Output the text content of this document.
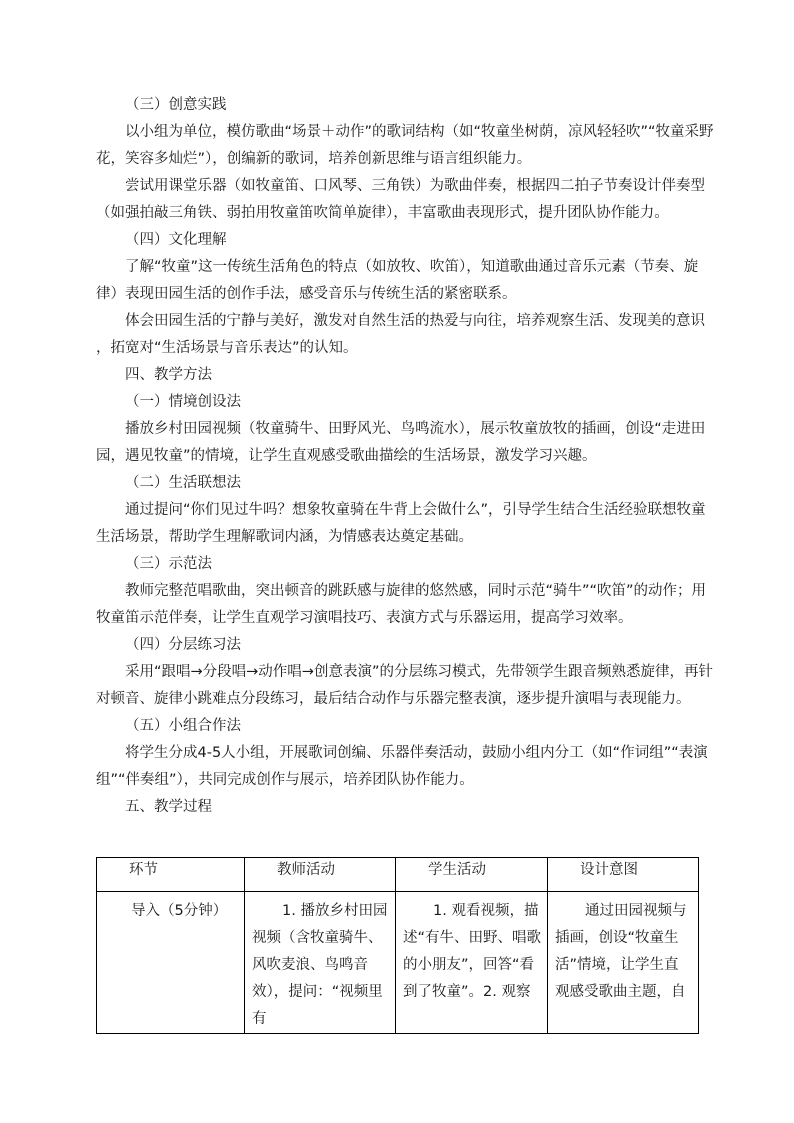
（三）创意实践
以小组为单位，模仿歌曲“场景＋动作”的歌词结构（如“牧童坐树荫，凉风轻轻吹”“牧童采野
花，笑容多灿烂”），创编新的歌词，培养创新思维与语言组织能力。
尝试用课堂乐器（如牧童笛、口风琴、三角铁）为歌曲伴奏，根据四二拍子节奏设计伴奏型
（如强拍敲三角铁、弱拍用牧童笛吹简单旋律），丰富歌曲表现形式，提升团队协作能力。
（四）文化理解
了解“牧童”这一传统生活角色的特点（如放牧、吹笛），知道歌曲通过音乐元素（节奏、旋
律）表现田园生活的创作手法，感受音乐与传统生活的紧密联系。
体会田园生活的宁静与美好，激发对自然生活的热爱与向往，培养观察生活、发现美的意识
，拓宽对“生活场景与音乐表达”的认知。
四、教学方法
（一）情境创设法
播放乡村田园视频（牧童骑牛、田野风光、鸟鸣流水），展示牧童放牧的插画，创设“走进田
园，遇见牧童”的情境，让学生直观感受歌曲描绘的生活场景，激发学习兴趣。
（二）生活联想法
通过提问“你们见过牛吗？想象牧童骑在牛背上会做什么”，引导学生结合生活经验联想牧童
生活场景，帮助学生理解歌词内涵，为情感表达奠定基础。
（三）示范法
教师完整范唱歌曲，突出顿音的跳跃感与旋律的悠然感，同时示范“骑牛”“吹笛”的动作；用
牧童笛示范伴奏，让学生直观学习演唱技巧、表演方式与乐器运用，提高学习效率。
（四）分层练习法
采用“跟唱→分段唱→动作唱→创意表演”的分层练习模式，先带领学生跟音频熟悉旋律，再针
对顿音、旋律小跳难点分段练习，最后结合动作与乐器完整表演，逐步提升演唱与表现能力。
（五）小组合作法
将学生分成4-5人小组，开展歌词创编、乐器伴奏活动，鼓励小组内分工（如“作词组”“表演
组”“伴奏组”），共同完成创作与展示，培养团队协作能力。
五、教学过程
环节	教师活动	学生活动	设计意图

导入（5分钟）	1. 播放乡村田园视频（含牧童骑牛、风吹麦浪、鸟鸣音效），提问：“视频里有	1. 观看视频，描述“有牛、田野、唱歌的小朋友”，回答“看到了牧童”。2. 观察	通过田园视频与插画，创设“牧童生活”情境，让学生直观感受歌曲主题，自
